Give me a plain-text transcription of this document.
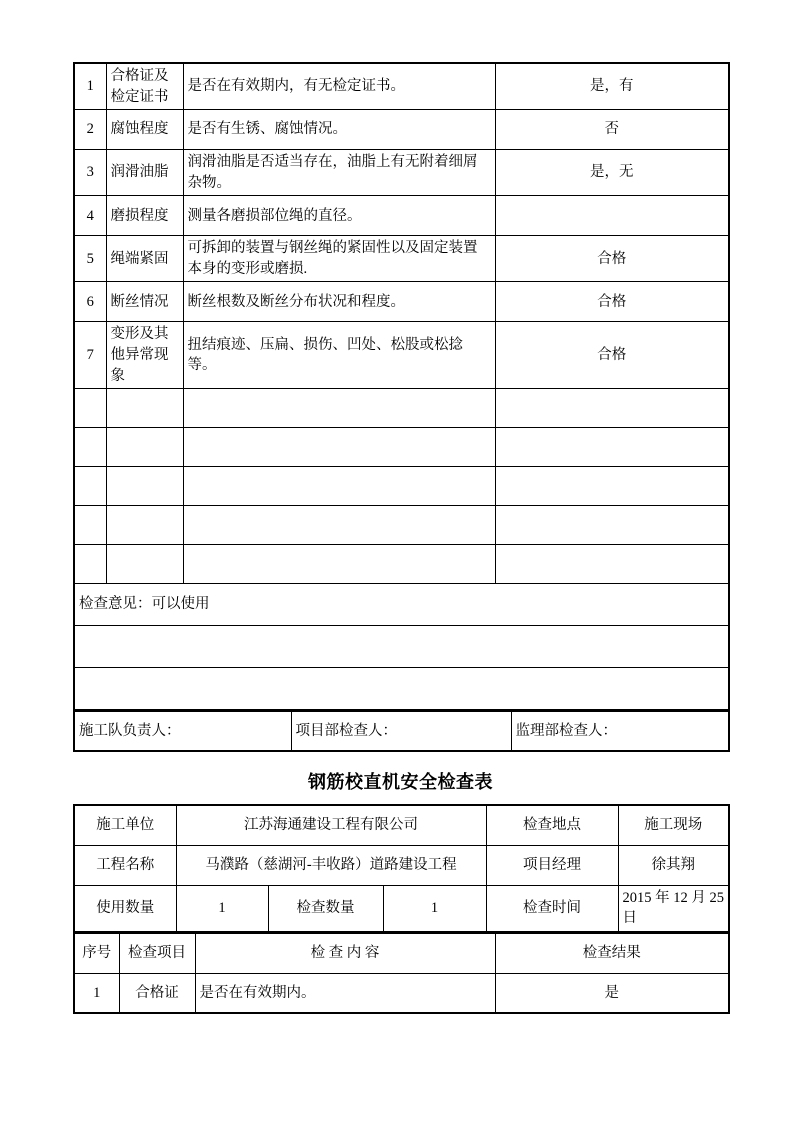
1	合格证及检定证书	是否在有效期内，有无检定证书。	是，有
2	腐蚀程度	是否有生锈、腐蚀情况。	否
3	润滑油脂	润滑油脂是否适当存在，油脂上有无附着细屑杂物。	是，无
4	磨损程度	测量各磨损部位绳的直径。	
5	绳端紧固	可拆卸的装置与钢丝绳的紧固性以及固定装置本身的变形或磨损.	合格
6	断丝情况	断丝根数及断丝分布状况和程度。	合格
7	变形及其他异常现象	扭结痕迹、压扁、损伤、凹处、松股或松捻等。	合格

检查意见：可以使用			

施工队负责人：	项目部检查人：	监理部检查人：
钢筋校直机安全检查表
施工单位	江苏海通建设工程有限公司			检查地点	施工现场
工程名称	马濮路（慈湖河-丰收路）道路建设工程			项目经理	徐其翔
使用数量	1	检查数量	1	检查时间	2015 年 12 月 25 日
序号	检查项目	检 查 内 容	检查结果
1	合格证	是否在有效期内。	是
